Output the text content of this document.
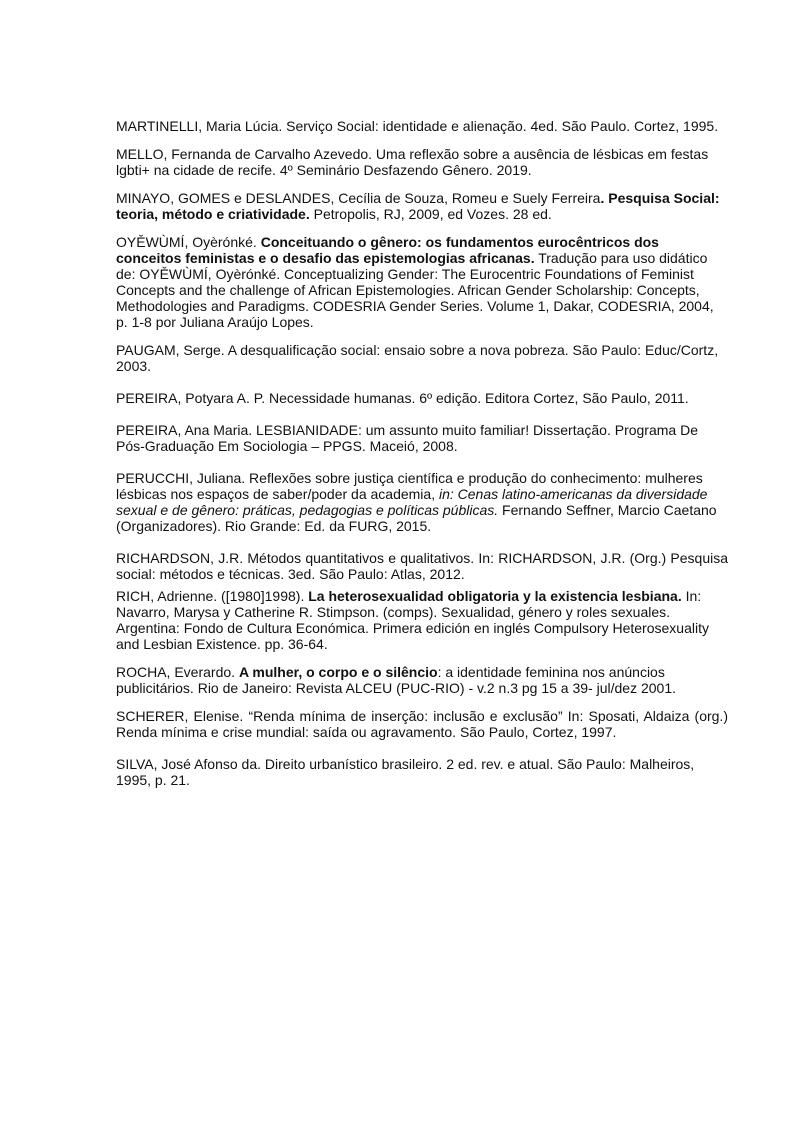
MARTINELLI, Maria Lúcia. Serviço Social: identidade e alienação. 4ed. São Paulo. Cortez, 1995.

MELLO, Fernanda de Carvalho Azevedo. Uma reflexão sobre a ausência de lésbicas em festas lgbti+ na cidade de recife. 4º Seminário Desfazendo Gênero. 2019.

MINAYO, GOMES e DESLANDES, Cecília de Souza, Romeu e Suely Ferreira. Pesquisa Social: teoria, método e criatividade. Petropolis, RJ, 2009, ed Vozes. 28 ed.

OYĚWÙMÍ, Oyèrónké. Conceituando o gênero: os fundamentos eurocêntricos dos conceitos feministas e o desafio das epistemologias africanas. Tradução para uso didático de: OYĚWÙMÍ, Oyèrónké. Conceptualizing Gender: The Eurocentric Foundations of Feminist Concepts and the challenge of African Epistemologies. African Gender Scholarship: Concepts, Methodologies and Paradigms. CODESRIA Gender Series. Volume 1, Dakar, CODESRIA, 2004, p. 1-8 por Juliana Araújo Lopes.

PAUGAM, Serge. A desqualificação social: ensaio sobre a nova pobreza. São Paulo: Educ/Cortz, 2003.

PEREIRA, Potyara A. P. Necessidade humanas. 6º edição. Editora Cortez, São Paulo, 2011.

PEREIRA, Ana Maria. LESBIANIDADE: um assunto muito familiar! Dissertação. Programa De Pós-Graduação Em Sociologia – PPGS. Maceió, 2008.

PERUCCHI, Juliana. Reflexões sobre justiça científica e produção do conhecimento: mulheres lésbicas nos espaços de saber/poder da academia, in: Cenas latino-americanas da diversidade sexual e de gênero: práticas, pedagogias e políticas públicas. Fernando Seffner, Marcio Caetano (Organizadores). Rio Grande: Ed. da FURG, 2015.

RICHARDSON, J.R. Métodos quantitativos e qualitativos. In: RICHARDSON, J.R. (Org.) Pesquisa social: métodos e técnicas. 3ed. São Paulo: Atlas, 2012.

RICH, Adrienne. ([1980]1998). La heterosexualidad obligatoria y la existencia lesbiana. In: Navarro, Marysa y Catherine R. Stimpson. (comps). Sexualidad, género y roles sexuales. Argentina: Fondo de Cultura Económica. Primera edición en inglés Compulsory Heterosexuality and Lesbian Existence. pp. 36-64.

ROCHA, Everardo. A mulher, o corpo e o silêncio: a identidade feminina nos anúncios publicitários. Rio de Janeiro: Revista ALCEU (PUC-RIO) - v.2 n.3 pg 15 a 39- jul/dez 2001.

SCHERER, Elenise. “Renda mínima de inserção: inclusão e exclusão” In: Sposati, Aldaiza (org.) Renda mínima e crise mundial: saída ou agravamento. São Paulo, Cortez, 1997.

SILVA, José Afonso da. Direito urbanístico brasileiro. 2 ed. rev. e atual. São Paulo: Malheiros, 1995, p. 21.
